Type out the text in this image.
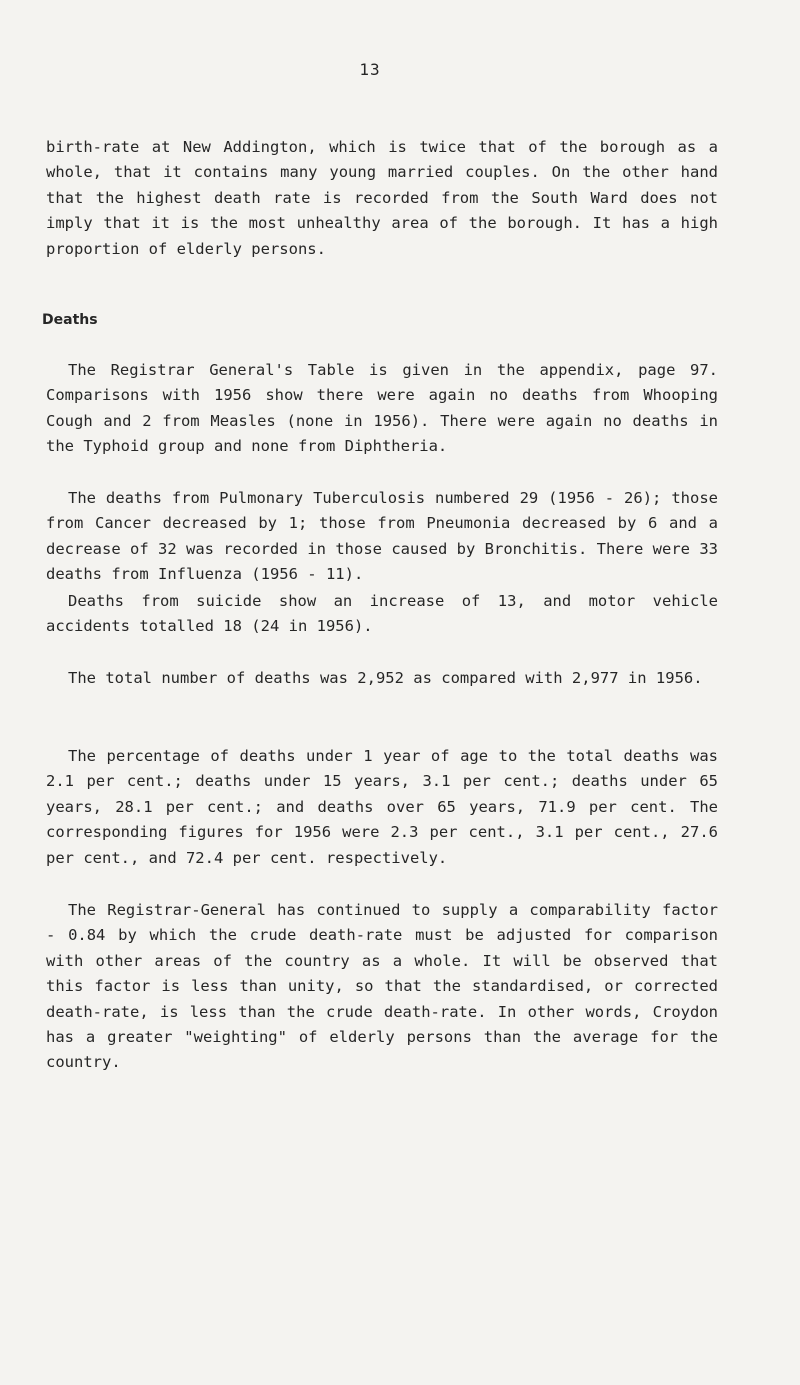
13

birth-rate at New Addington, which is twice that of the borough as a whole, that it contains many young married couples. On the other hand that the highest death rate is recorded from the South Ward does not imply that it is the most unhealthy area of the borough. It has a high proportion of elderly persons.

Deaths

The Registrar General's Table is given in the appendix, page 97. Comparisons with 1956 show there were again no deaths from Whooping Cough and 2 from Measles (none in 1956). There were again no deaths in the Typhoid group and none from Diphtheria.

The deaths from Pulmonary Tuberculosis numbered 29 (1956 - 26); those from Cancer decreased by 1; those from Pneumonia decreased by 6 and a decrease of 32 was recorded in those caused by Bronchitis. There were 33 deaths from Influenza (1956 - 11).

Deaths from suicide show an increase of 13, and motor vehicle accidents totalled 18 (24 in 1956).

The total number of deaths was 2,952 as compared with 2,977 in 1956.

The percentage of deaths under 1 year of age to the total deaths was 2.1 per cent.; deaths under 15 years, 3.1 per cent.; deaths under 65 years, 28.1 per cent.; and deaths over 65 years, 71.9 per cent. The corresponding figures for 1956 were 2.3 per cent., 3.1 per cent., 27.6 per cent., and 72.4 per cent. respectively.

The Registrar-General has continued to supply a comparability factor - 0.84 by which the crude death-rate must be adjusted for comparison with other areas of the country as a whole. It will be observed that this factor is less than unity, so that the standardised, or corrected death-rate, is less than the crude death-rate. In other words, Croydon has a greater "weighting" of elderly persons than the average for the country.
